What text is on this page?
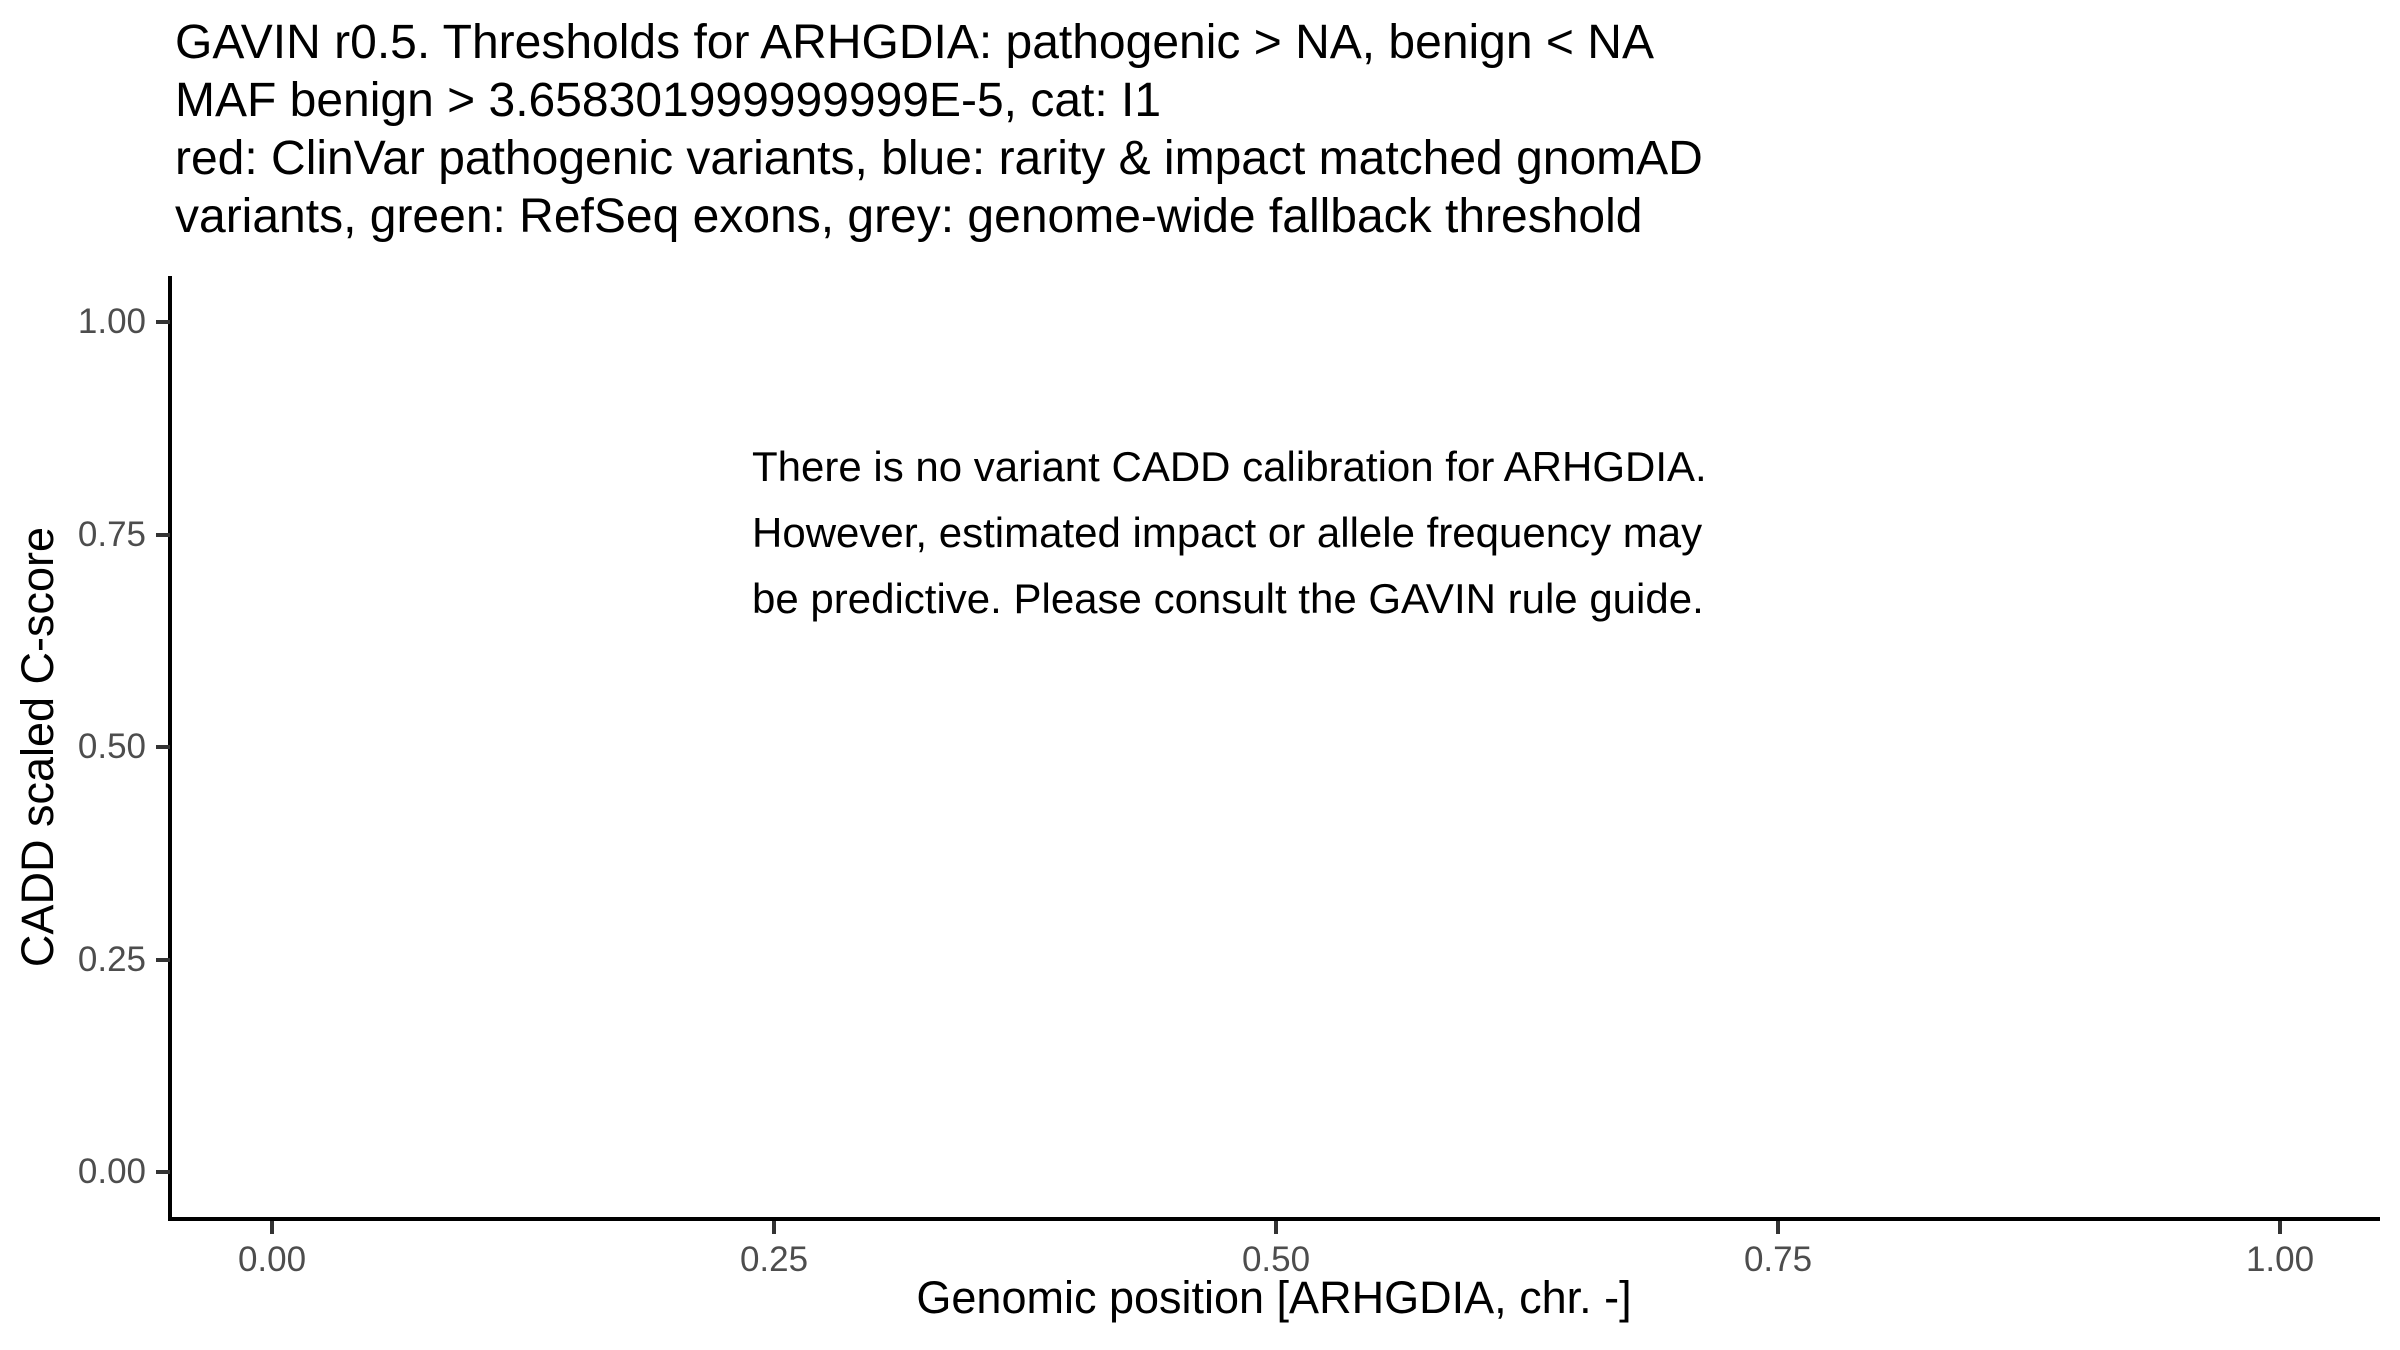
GAVIN r0.5. Thresholds for ARHGDIA: pathogenic > NA, benign < NA
MAF benign > 3.658301999999999E-5, cat: I1
red: ClinVar pathogenic variants, blue: rarity & impact matched gnomAD
variants, green: RefSeq exons, grey: genome-wide fallback threshold
1.00
0.75
0.50
0.25
0.00
0.00	0.25	0.50	0.75	1.00
CADD scaled C-score
Genomic position [ARHGDIA, chr. -]
There is no variant CADD calibration for ARHGDIA.
However, estimated impact or allele frequency may
be predictive. Please consult the GAVIN rule guide.
